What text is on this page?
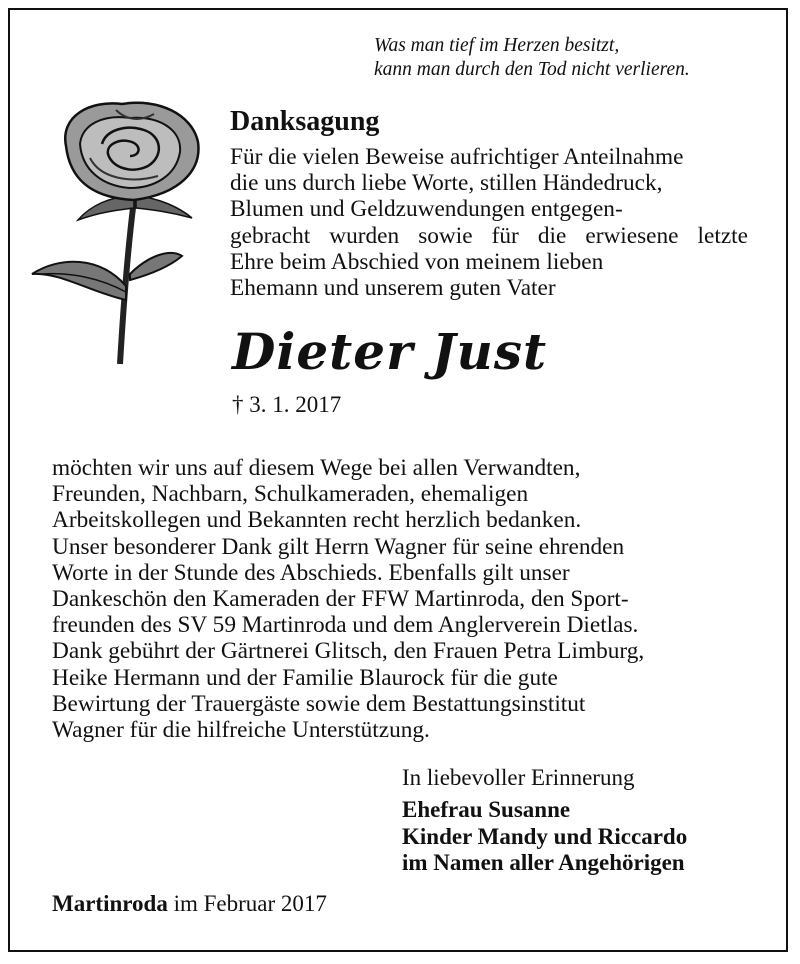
Was man tief im Herzen besitzt,
kann man durch den Tod nicht verlieren.
Danksagung
Für die vielen Beweise aufrichtiger Anteilnahme
die uns durch liebe Worte, stillen Händedruck,
Blumen und Geldzuwendungen entgegen-
gebracht wurden sowie für die erwiesene letzte
Ehre beim Abschied von meinem lieben
Ehemann und unserem guten Vater
Dieter Just
† 3. 1. 2017
möchten wir uns auf diesem Wege bei allen Verwandten,
Freunden, Nachbarn, Schulkameraden, ehemaligen
Arbeitskollegen und Bekannten recht herzlich bedanken.
Unser besonderer Dank gilt Herrn Wagner für seine ehrenden
Worte in der Stunde des Abschieds. Ebenfalls gilt unser
Dankeschön den Kameraden der FFW Martinroda, den Sport-
freunden des SV 59 Martinroda und dem Anglerverein Dietlas.
Dank gebührt der Gärtnerei Glitsch, den Frauen Petra Limburg,
Heike Hermann und der Familie Blaurock für die gute
Bewirtung der Trauergäste sowie dem Bestattungsinstitut
Wagner für die hilfreiche Unterstützung.
In liebevoller Erinnerung
Ehefrau Susanne
Kinder Mandy und Riccardo
im Namen aller Angehörigen
Martinroda im Februar 2017
